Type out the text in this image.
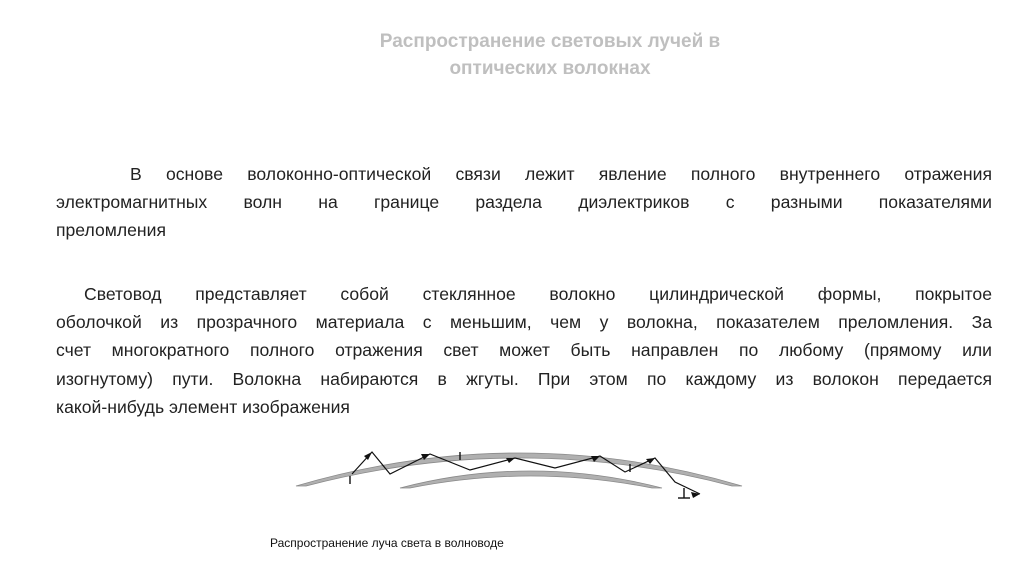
Распространение световых лучей в
оптических волокнах
В основе волоконно-оптической связи лежит явление полного внутреннего отражения
электромагнитных волн на границе раздела диэлектриков с разными показателями
преломления
Световод представляет собой стеклянное волокно цилиндрической формы, покрытое
оболочкой из прозрачного материала с меньшим, чем у волокна, показателем преломления. За
счет многократного полного отражения свет может быть направлен по любому (прямому или
изогнутому) пути. Волокна набираются в жгуты. При этом по каждому из волокон передается
какой-нибудь элемент изображения
Распространение луча света в волноводе
